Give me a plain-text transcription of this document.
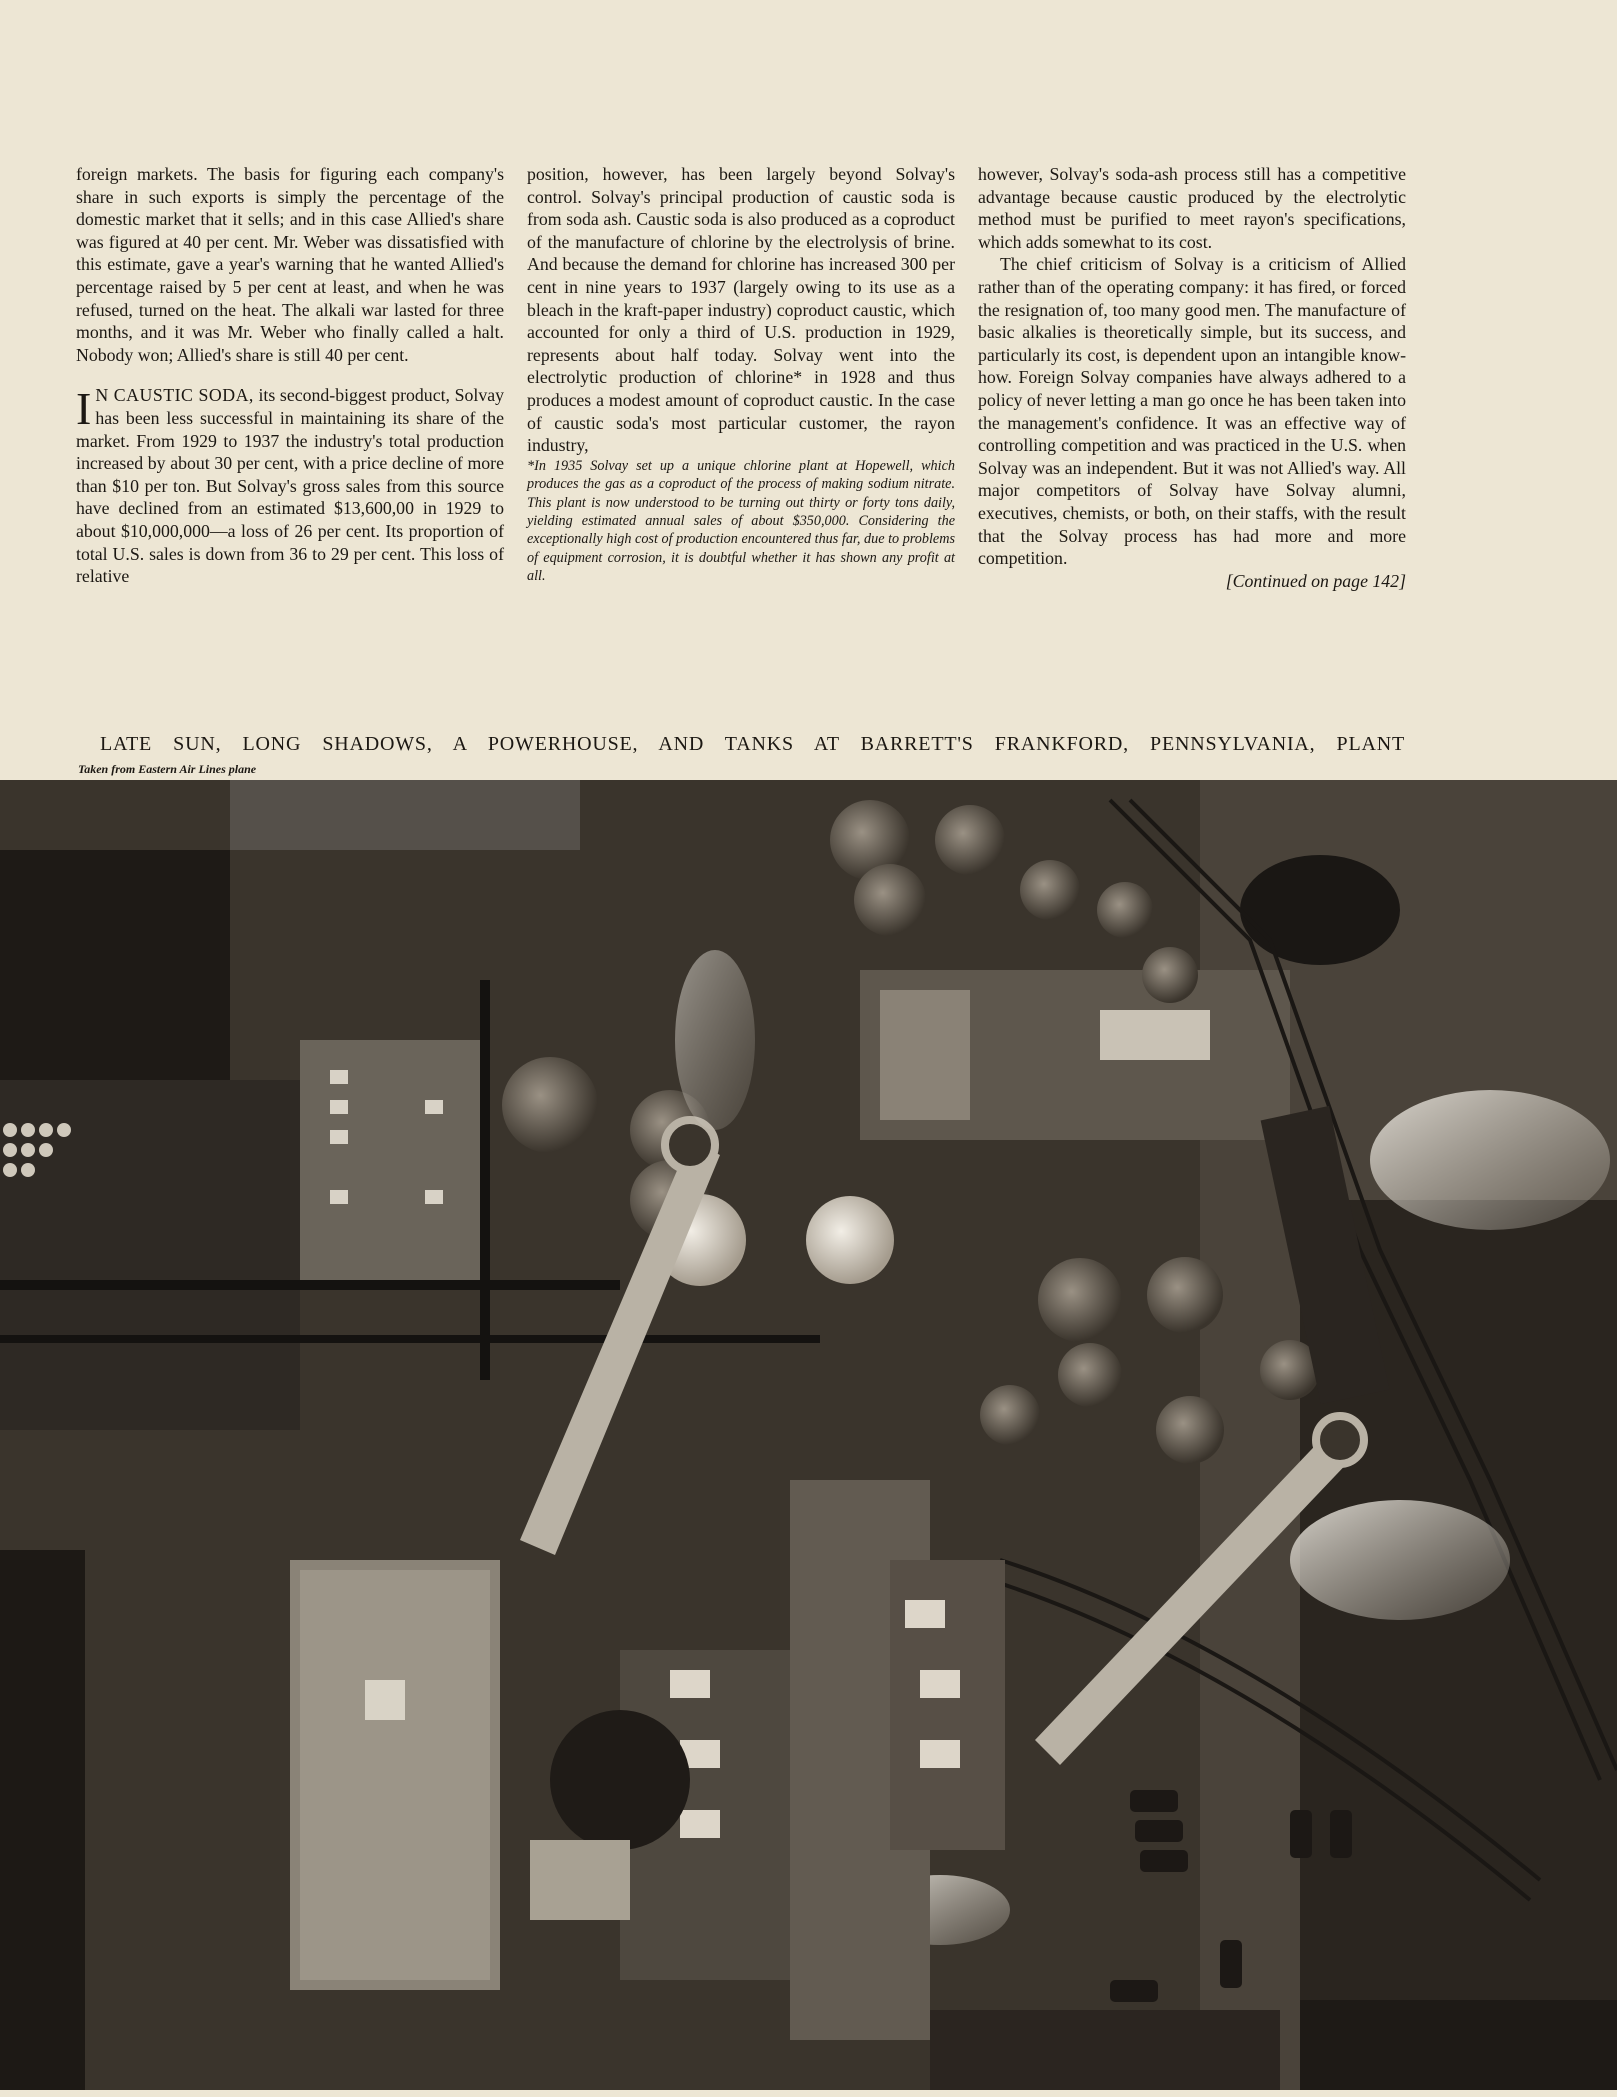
foreign markets. The basis for figuring each company's share in such exports is simply the percentage of the domestic market that it sells; and in this case Allied's share was figured at 40 per cent. Mr. Weber was dissatisfied with this estimate, gave a year's warning that he wanted Allied's percentage raised by 5 per cent at least, and when he was refused, turned on the heat. The alkali war lasted for three months, and it was Mr. Weber who finally called a halt. Nobody won; Allied's share is still 40 per cent.

I N CAUSTIC SODA, its second-biggest product, Solvay has been less successful in maintaining its share of the market. From 1929 to 1937 the industry's total production increased by about 30 per cent, with a price decline of more than $10 per ton. But Solvay's gross sales from this source have declined from an estimated $13,600,00 in 1929 to about $10,000,000—a loss of 26 per cent. Its proportion of total U.S. sales is down from 36 to 29 per cent. This loss of relative

position, however, has been largely beyond Solvay's control. Solvay's principal production of caustic soda is from soda ash. Caustic soda is also produced as a coproduct of the manufacture of chlorine by the electrolysis of brine. And because the demand for chlorine has increased 300 per cent in nine years to 1937 (largely owing to its use as a bleach in the kraft-paper industry) coproduct caustic, which accounted for only a third of U.S. production in 1929, represents about half today. Solvay went into the electrolytic production of chlorine* in 1928 and thus produces a modest amount of coproduct caustic. In the case of caustic soda's most particular customer, the rayon industry,

*In 1935 Solvay set up a unique chlorine plant at Hopewell, which produces the gas as a coproduct of the process of making sodium nitrate. This plant is now understood to be turning out thirty or forty tons daily, yielding estimated annual sales of about $350,000. Considering the exceptionally high cost of production encountered thus far, due to problems of equipment corrosion, it is doubtful whether it has shown any profit at all.

however, Solvay's soda-ash process still has a competitive advantage because caustic produced by the electrolytic method must be purified to meet rayon's specifications, which adds somewhat to its cost.

The chief criticism of Solvay is a criticism of Allied rather than of the operating company: it has fired, or forced the resignation of, too many good men. The manufacture of basic alkalies is theoretically simple, but its success, and particularly its cost, is dependent upon an intangible know-how. Foreign Solvay companies have always adhered to a policy of never letting a man go once he has been taken into the management's confidence. It was an effective way of controlling competition and was practiced in the U.S. when Solvay was an independent. But it was not Allied's way. All major competitors of Solvay have Solvay alumni, executives, chemists, or both, on their staffs, with the result that the Solvay process has had more and more competition.

[Continued on page 142]

LATE SUN, LONG SHADOWS, A POWERHOUSE, AND TANKS AT BARRETT'S FRANKFORD, PENNSYLVANIA, PLANT
Taken from Eastern Air Lines plane
